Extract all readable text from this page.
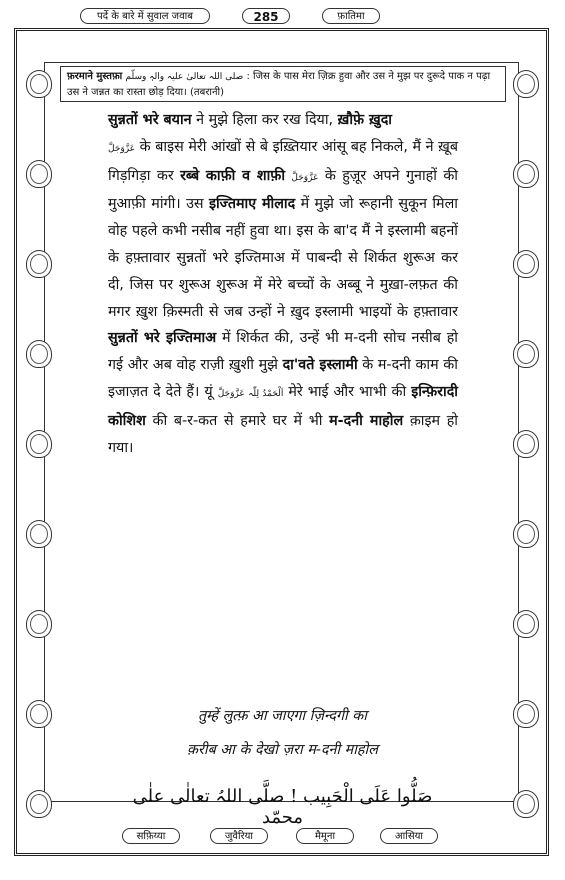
पर्दे के बारे में सुवाल जवाब	285	फ़ातिमा
फ़रमाने मुस्तफ़ा صلی اللہ تعالیٰ علیہ والہٖ وسلّم : जिस के पास मेरा ज़िक्र हुवा और उस ने मुझ पर दुरूदे पाक न पढ़ा उस ने जन्नत का रास्ता छोड़ दिया। (तबरानी)
सुन्नतों भरे बयान ने मुझे हिला कर रख दिया, ख़ौफ़े ख़ुदा
عَزَّوَجَلَّ के बाइस मेरी आंखों से बे इख़्तियार आंसू बह निकले, मैं ने ख़ूब गिड़गिड़ा कर रब्बे काफ़ी व शाफ़ी عَزَّوَجَلَّ के हुज़ूर अपने गुनाहों की मुआफ़ी मांगी। उस इज्तिमाए मीलाद में मुझे जो रूहानी सुकून मिला वोह पहले कभी नसीब नहीं हुवा था। इस के बा'द मैं ने इस्लामी बहनों के हफ़्तावार सुन्नतों भरे इज्तिमाअ में पाबन्दी से शिर्कत शुरूअ कर दी, जिस पर शुरूअ शुरूअ में मेरे बच्चों के अब्बू ने मुख़ा-लफ़त की मगर ख़ुश क़िस्मती से जब उन्हों ने ख़ुद इस्लामी भाइयों के हफ़्तावार सुन्नतों भरे इज्तिमाअ में शिर्कत की, उन्हें भी म-दनी सोच नसीब हो गई और अब वोह राज़ी ख़ुशी मुझे दा'वते इस्लामी के म-दनी काम की इजाज़त दे देते हैं। यूं اَلْحَمْدُ لِلّٰہ عَزَّوَجَلَّ मेरे भाई और भाभी की इन्फ़िरादी कोशिश की ब-र-कत से हमारे घर में भी म-दनी माहोल क़ाइम हो गया।
तुम्हें लुत्फ़ आ जाएगा ज़िन्दगी का
क़रीब आ के देखो ज़रा म-दनी माहोल
صَلُّوا عَلَی الْحَبِیب ! صلَّی اللہُ تعالٰی علٰی محمّد
सफ़िय्या	जुवैरिया	मैमूना	आसिया
